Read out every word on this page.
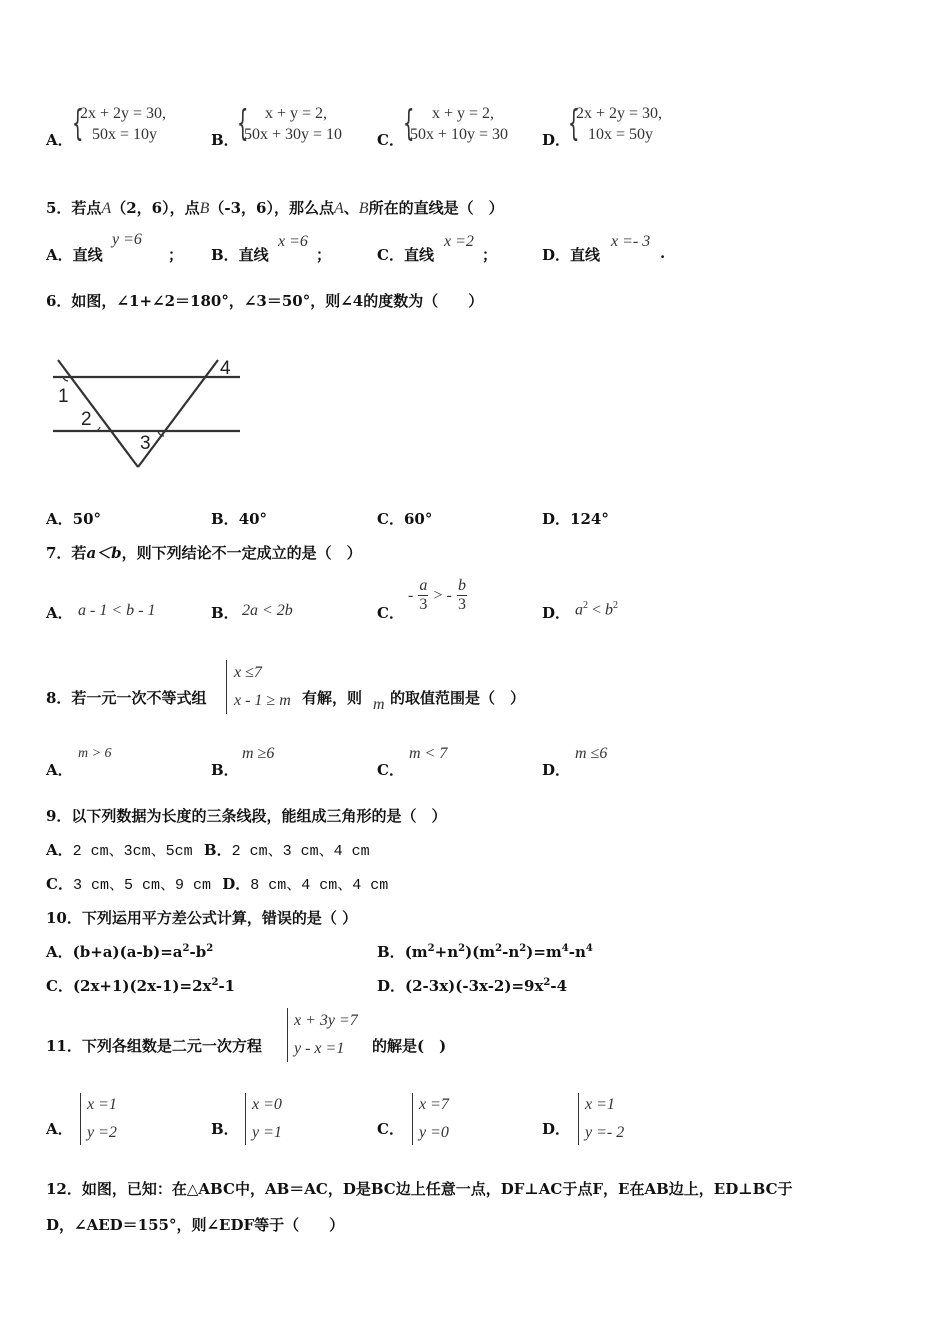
A． {
2x + 2y = 30,
50x = 10y	B．
{ x + y = 2,
50x + 30y = 10 C． { x + y = 2,
50x + 10y = 30 D．
{
2x + 2y = 30,
10x = 50y
5．若点A（2，6），点B（-3，6），那么点A、B所在的直线是（　）
A．直线
y =6
； B．直线
x =6
；	C．直线
x =2
；	D．直线
x =- 3
.
6．如图，∠1+∠2＝180°，∠3＝50°，则∠4的度数为（　　）
1
2
3
4
A．50°	B．40°	C．60°	D．124°
7．若a＜b，则下列结论不一定成立的是（　）
A． a - 1 < b - 1	B． 2a < 2b	C．
- $\frac{a}{3}$ > - $\frac{b}{3}$	D． $a^2 < b^2$
8．若一元一次不等式组
x ≤7
x - 1 ≥ m 有解，则 m 的取值范围是（　）
A．
m > 6
B．
m ≥6
C．
m < 7
D．
m ≤6
9．以下列数据为长度的三条线段，能组成三角形的是（　）
A．2 cm、3cm、5cm B．2 cm、3 cm、4 cm
C．3 cm、5 cm、9 cm D．8 cm、4 cm、4 cm
10．下列运用平方差公式计算，错误的是（ ）
A．$(b+a)(a-b)=a^2-b^2$	B．$(m^2+n^2)(m^2-n^2)=m^4-n^4$
C．$(2x+1)(2x-1)=2x^2-1$	D．$(2-3x)(-3x-2)=9x^2-4$
11．下列各组数是二元一次方程
x + 3y =7
y - x =1 的解是(　)
A．
x =1
y =2	B．
x =0
y =1	C．
x =7
y =0	D．
x =1
y =- 2
12．如图，已知：在△ABC中，AB＝AC，D是BC边上任意一点，DF⊥AC于点F，E在AB边上，ED⊥BC于
D，∠AED＝155°，则∠EDF等于（　　）
